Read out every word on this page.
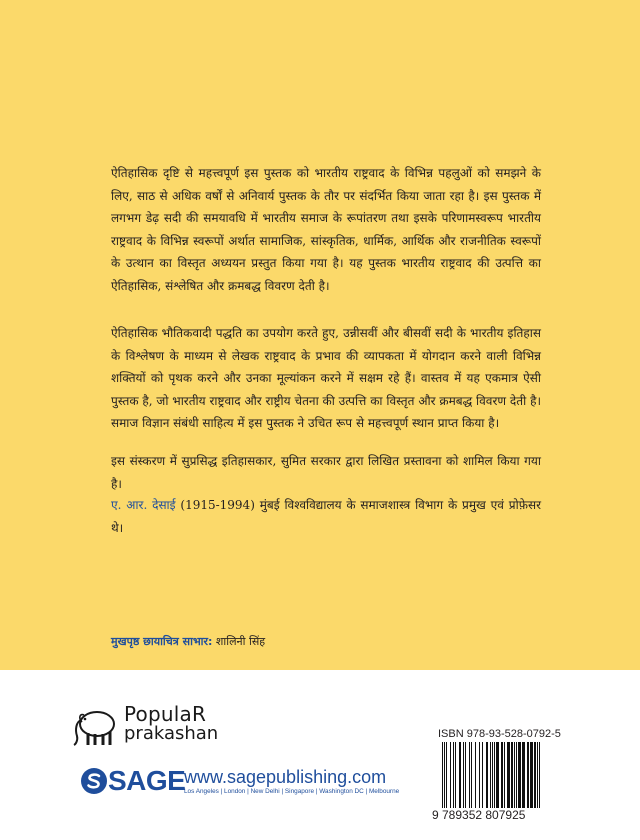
ऐतिहासिक दृष्टि से महत्त्वपूर्ण इस पुस्तक को भारतीय राष्ट्रवाद के विभिन्न पहलुओं को समझने के लिए, साठ से अधिक वर्षों से अनिवार्य पुस्तक के तौर पर संदर्भित किया जाता रहा है। इस पुस्तक में लगभग डेढ़ सदी की समयावधि में भारतीय समाज के रूपांतरण तथा इसके परिणामस्वरूप भारतीय राष्ट्रवाद के विभिन्न स्वरूपों अर्थात सामाजिक, सांस्कृतिक, धार्मिक, आर्थिक और राजनीतिक स्वरूपों के उत्थान का विस्तृत अध्ययन प्रस्तुत किया गया है। यह पुस्तक भारतीय राष्ट्रवाद की उत्पत्ति का ऐतिहासिक, संश्लेषित और क्रमबद्ध विवरण देती है।

ऐतिहासिक भौतिकवादी पद्धति का उपयोग करते हुए, उन्नीसवीं और बीसवीं सदी के भारतीय इतिहास के विश्लेषण के माध्यम से लेखक राष्ट्रवाद के प्रभाव की व्यापकता में योगदान करने वाली विभिन्न शक्तियों को पृथक करने और उनका मूल्यांकन करने में सक्षम रहे हैं। वास्तव में यह एकमात्र ऐसी पुस्तक है, जो भारतीय राष्ट्रवाद और राष्ट्रीय चेतना की उत्पत्ति का विस्तृत और क्रमबद्ध विवरण देती है। समाज विज्ञान संबंधी साहित्य में इस पुस्तक ने उचित रूप से महत्त्वपूर्ण स्थान प्राप्त किया है।

इस संस्करण में सुप्रसिद्ध इतिहासकार, सुमित सरकार द्वारा लिखित प्रस्तावना को शामिल किया गया है।

ए. आर. देसाई (1915-1994) मुंबई विश्वविद्यालय के समाजशास्त्र विभाग के प्रमुख एवं प्रोफ़ेसर थे।

मुखपृष्ठ छायाचित्र साभार: शालिनी सिंह
PopulaR
prakashan
SAGE
www.sagepublishing.com
Los Angeles | London | New Delhi | Singapore | Washington DC | Melbourne
ISBN 978-93-528-0792-5
9 789352 807925
